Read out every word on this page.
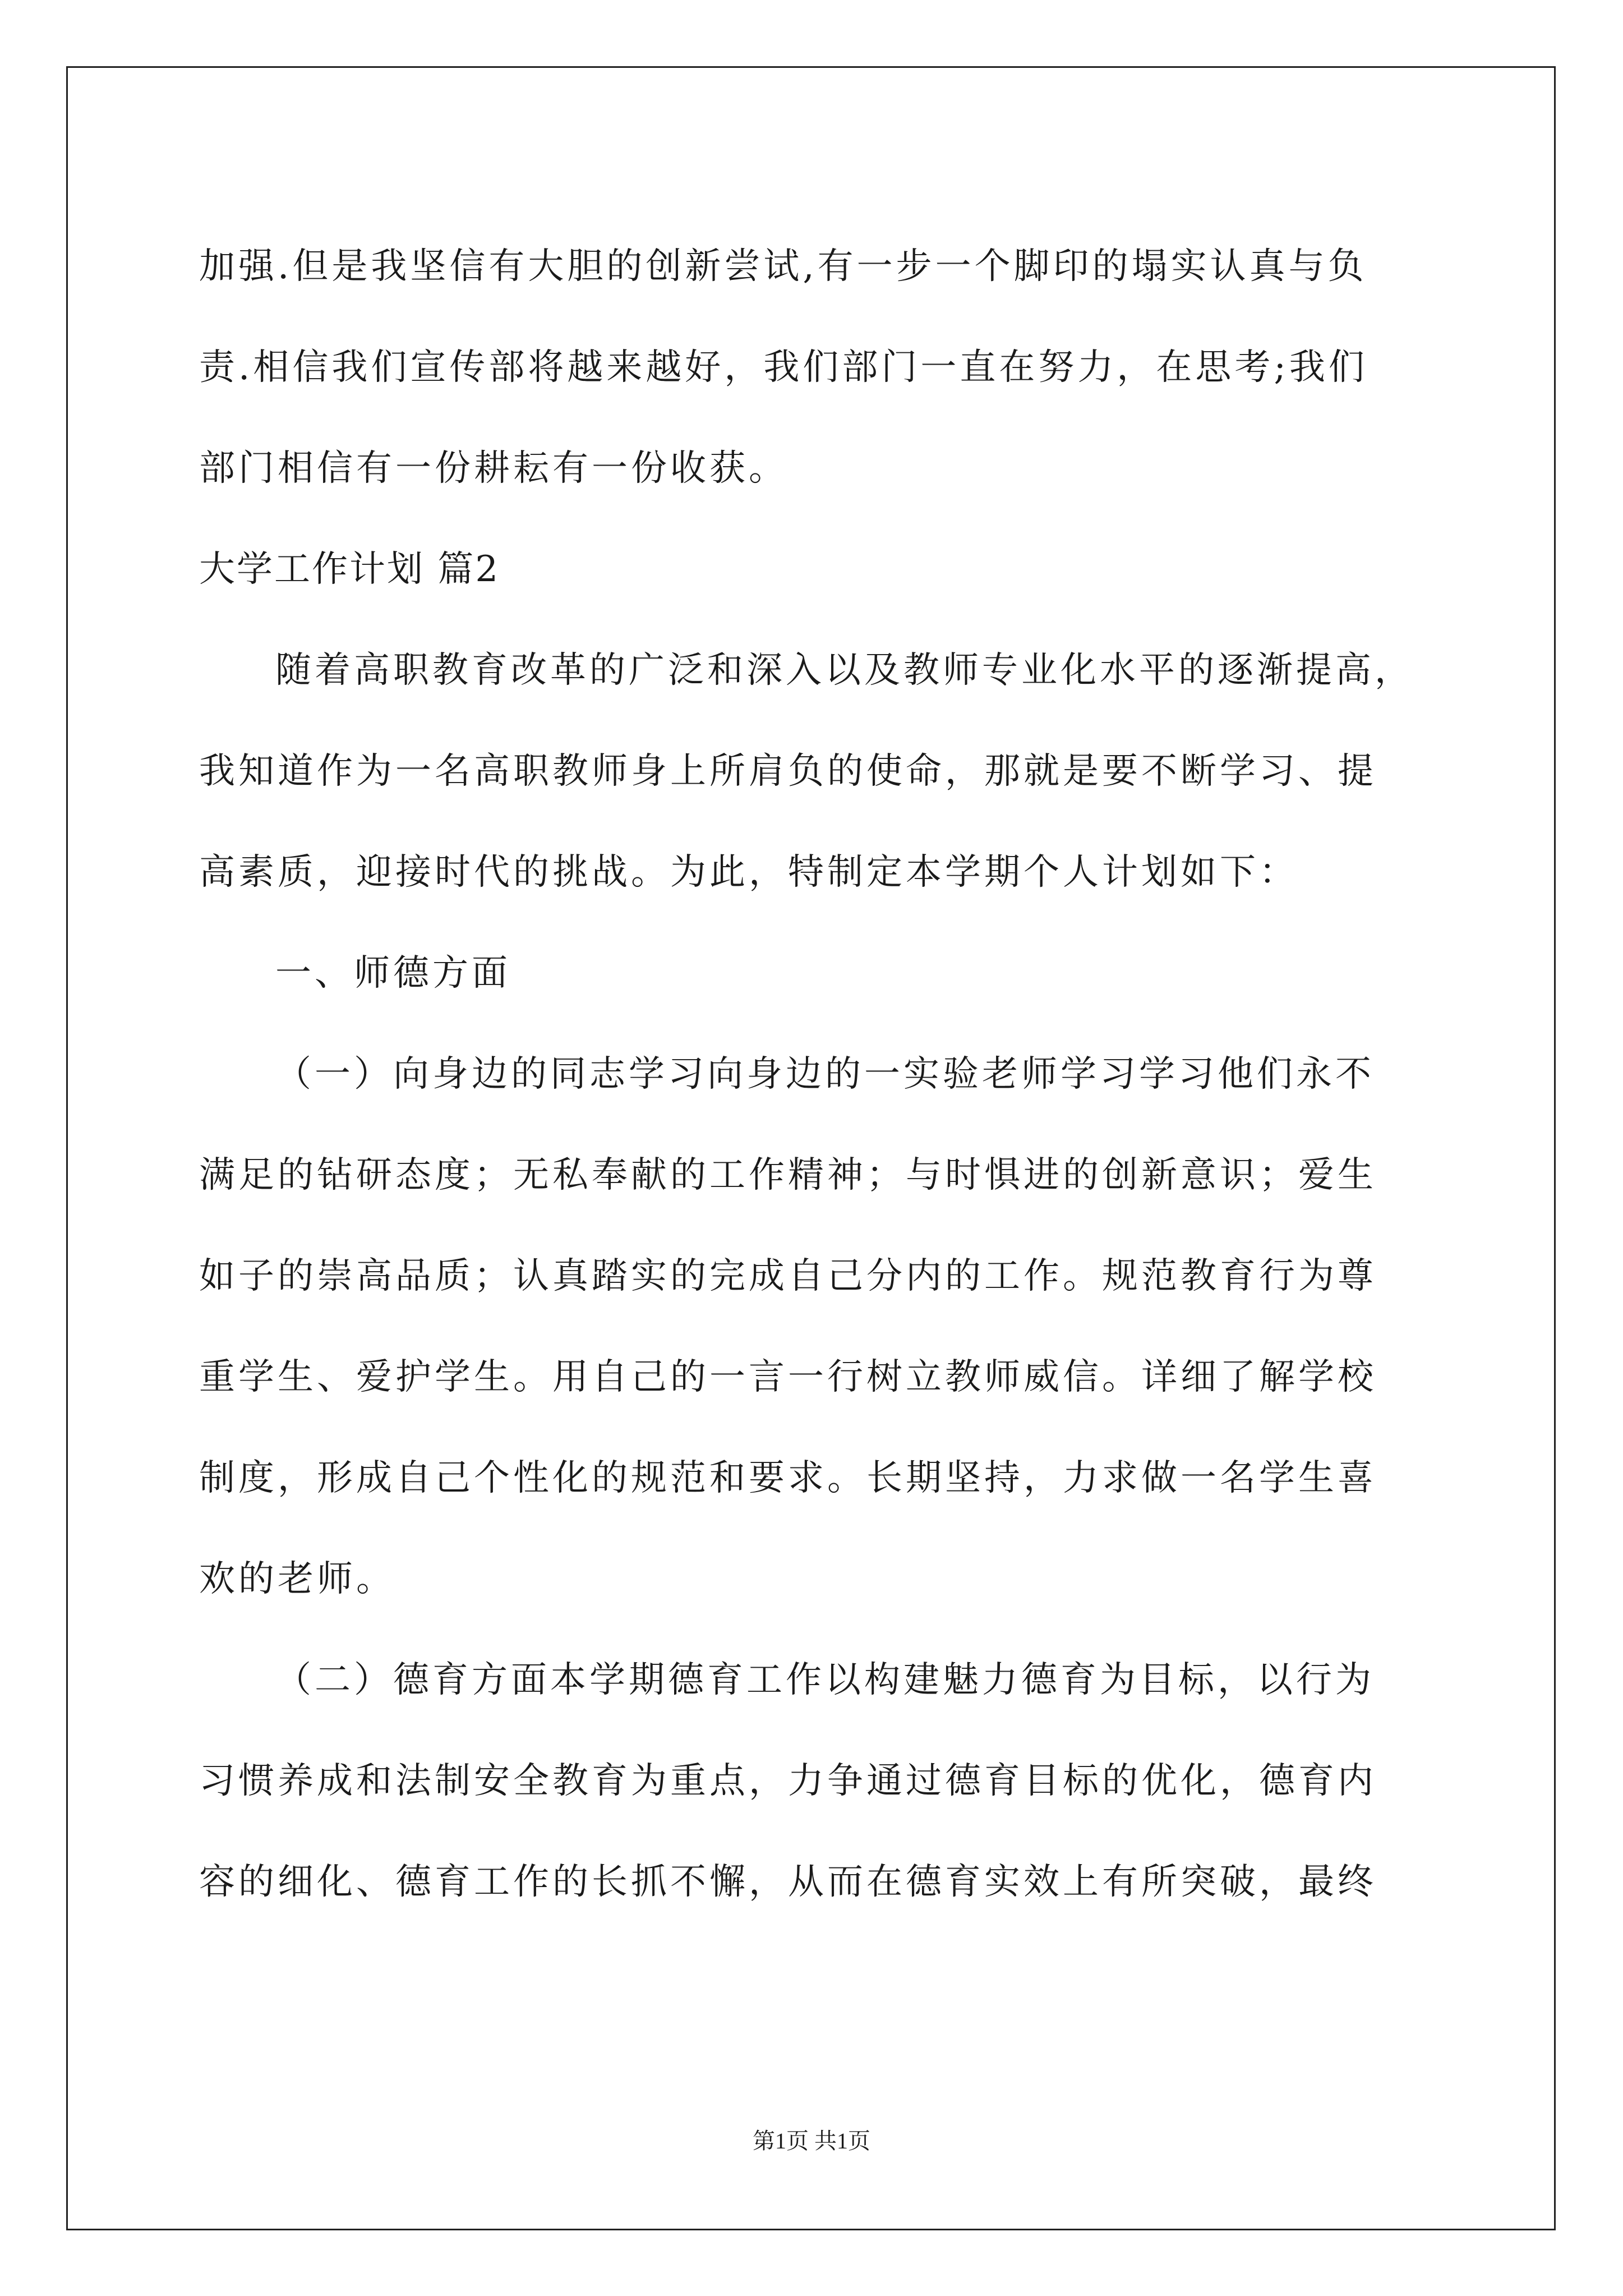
加强.但是我坚信有大胆的创新尝试,有一步一个脚印的塌实认真与负
责.相信我们宣传部将越来越好，我们部门一直在努力，在思考;我们
部门相信有一份耕耘有一份收获。
大学工作计划 篇2
随着高职教育改革的广泛和深入以及教师专业化水平的逐渐提高，
我知道作为一名高职教师身上所肩负的使命，那就是要不断学习、提
高素质，迎接时代的挑战。为此，特制定本学期个人计划如下：
一、师德方面
（一）向身边的同志学习向身边的一实验老师学习学习他们永不
满足的钻研态度；无私奉献的工作精神；与时惧进的创新意识；爱生
如子的崇高品质；认真踏实的完成自己分内的工作。规范教育行为尊
重学生、爱护学生。用自己的一言一行树立教师威信。详细了解学校
制度，形成自己个性化的规范和要求。长期坚持，力求做一名学生喜
欢的老师。
（二）德育方面本学期德育工作以构建魅力德育为目标，以行为
习惯养成和法制安全教育为重点，力争通过德育目标的优化，德育内
容的细化、德育工作的长抓不懈，从而在德育实效上有所突破，最终
第1页 共1页
